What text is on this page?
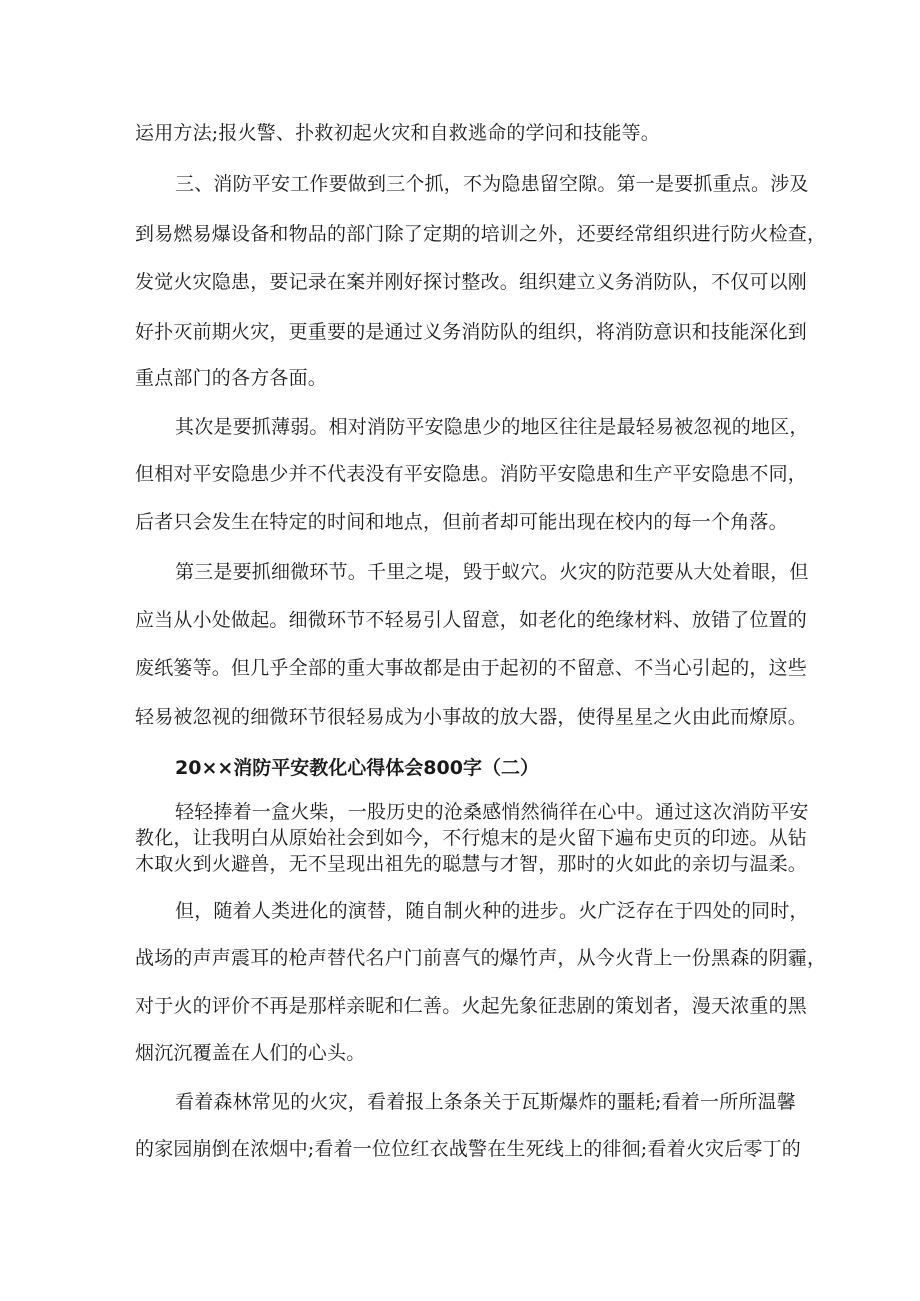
运用方法;报火警、扑救初起火灾和自救逃命的学问和技能等。
三、消防平安工作要做到三个抓，不为隐患留空隙。第一是要抓重点。涉及
到易燃易爆设备和物品的部门除了定期的培训之外，还要经常组织进行防火检查，
发觉火灾隐患，要记录在案并刚好探讨整改。组织建立义务消防队，不仅可以刚
好扑灭前期火灾，更重要的是通过义务消防队的组织，将消防意识和技能深化到
重点部门的各方各面。
其次是要抓薄弱。相对消防平安隐患少的地区往往是最轻易被忽视的地区，
但相对平安隐患少并不代表没有平安隐患。消防平安隐患和生产平安隐患不同，
后者只会发生在特定的时间和地点，但前者却可能出现在校内的每一个角落。
第三是要抓细微环节。千里之堤，毁于蚁穴。火灾的防范要从大处着眼，但
应当从小处做起。细微环节不轻易引人留意，如老化的绝缘材料、放错了位置的
废纸篓等。但几乎全部的重大事故都是由于起初的不留意、不当心引起的，这些
轻易被忽视的细微环节很轻易成为小事故的放大器，使得星星之火由此而燎原。
20××消防平安教化心得体会800字（二）
轻轻捧着一盒火柴，一股历史的沧桑感悄然徜徉在心中。通过这次消防平安
教化，让我明白从原始社会到如今，不行熄末的是火留下遍布史页的印迹。从钻
木取火到火避兽，无不呈现出祖先的聪慧与才智，那时的火如此的亲切与温柔。
但，随着人类进化的演替，随自制火种的进步。火广泛存在于四处的同时，
战场的声声震耳的枪声替代名户门前喜气的爆竹声，从今火背上一份黑森的阴霾，
对于火的评价不再是那样亲昵和仁善。火起先象征悲剧的策划者，漫天浓重的黑
烟沉沉覆盖在人们的心头。
看着森林常见的火灾，看着报上条条关于瓦斯爆炸的噩耗;看着一所所温馨
的家园崩倒在浓烟中;看着一位位红衣战警在生死线上的徘徊;看着火灾后零丁的
